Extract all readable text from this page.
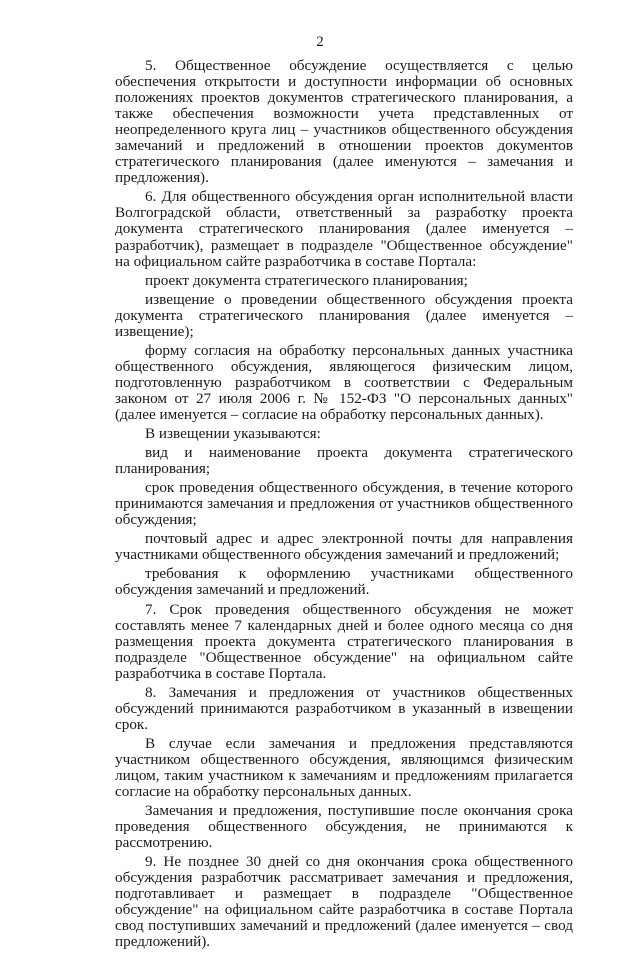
2

5. Общественное обсуждение осуществляется с целью обеспечения открытости и доступности информации об основных положениях проектов документов стратегического планирования, а также обеспечения возможности учета представленных от неопределенного круга лиц – участников общественного обсуждения замечаний и предложений в отношении проектов документов стратегического планирования (далее именуются – замечания и предложения).

6. Для общественного обсуждения орган исполнительной власти Волгоградской области, ответственный за разработку проекта документа стратегического планирования (далее именуется – разработчик), размещает в подразделе "Общественное обсуждение" на официальном сайте разработчика в составе Портала:

проект документа стратегического планирования;

извещение о проведении общественного обсуждения проекта документа стратегического планирования (далее именуется – извещение);

форму согласия на обработку персональных данных участника общественного обсуждения, являющегося физическим лицом, подготовленную разработчиком в соответствии с Федеральным законом от 27 июля 2006 г. № 152-ФЗ "О персональных данных" (далее именуется – согласие на обработку персональных данных).

В извещении указываются:

вид и наименование проекта документа стратегического планирования;

срок проведения общественного обсуждения, в течение которого принимаются замечания и предложения от участников общественного обсуждения;

почтовый адрес и адрес электронной почты для направления участниками общественного обсуждения замечаний и предложений;

требования к оформлению участниками общественного обсуждения замечаний и предложений.

7. Срок проведения общественного обсуждения не может составлять менее 7 календарных дней и более одного месяца со дня размещения проекта документа стратегического планирования в подразделе "Общественное обсуждение" на официальном сайте разработчика в составе Портала.

8. Замечания и предложения от участников общественных обсуждений принимаются разработчиком в указанный в извещении срок.

В случае если замечания и предложения представляются участником общественного обсуждения, являющимся физическим лицом, таким участником к замечаниям и предложениям прилагается согласие на обработку персональных данных.

Замечания и предложения, поступившие после окончания срока проведения общественного обсуждения, не принимаются к рассмотрению.

9. Не позднее 30 дней со дня окончания срока общественного обсуждения разработчик рассматривает замечания и предложения, подготавливает и размещает в подразделе "Общественное обсуждение" на официальном сайте разработчика в составе Портала свод поступивших замечаний и предложений (далее именуется – свод предложений).
